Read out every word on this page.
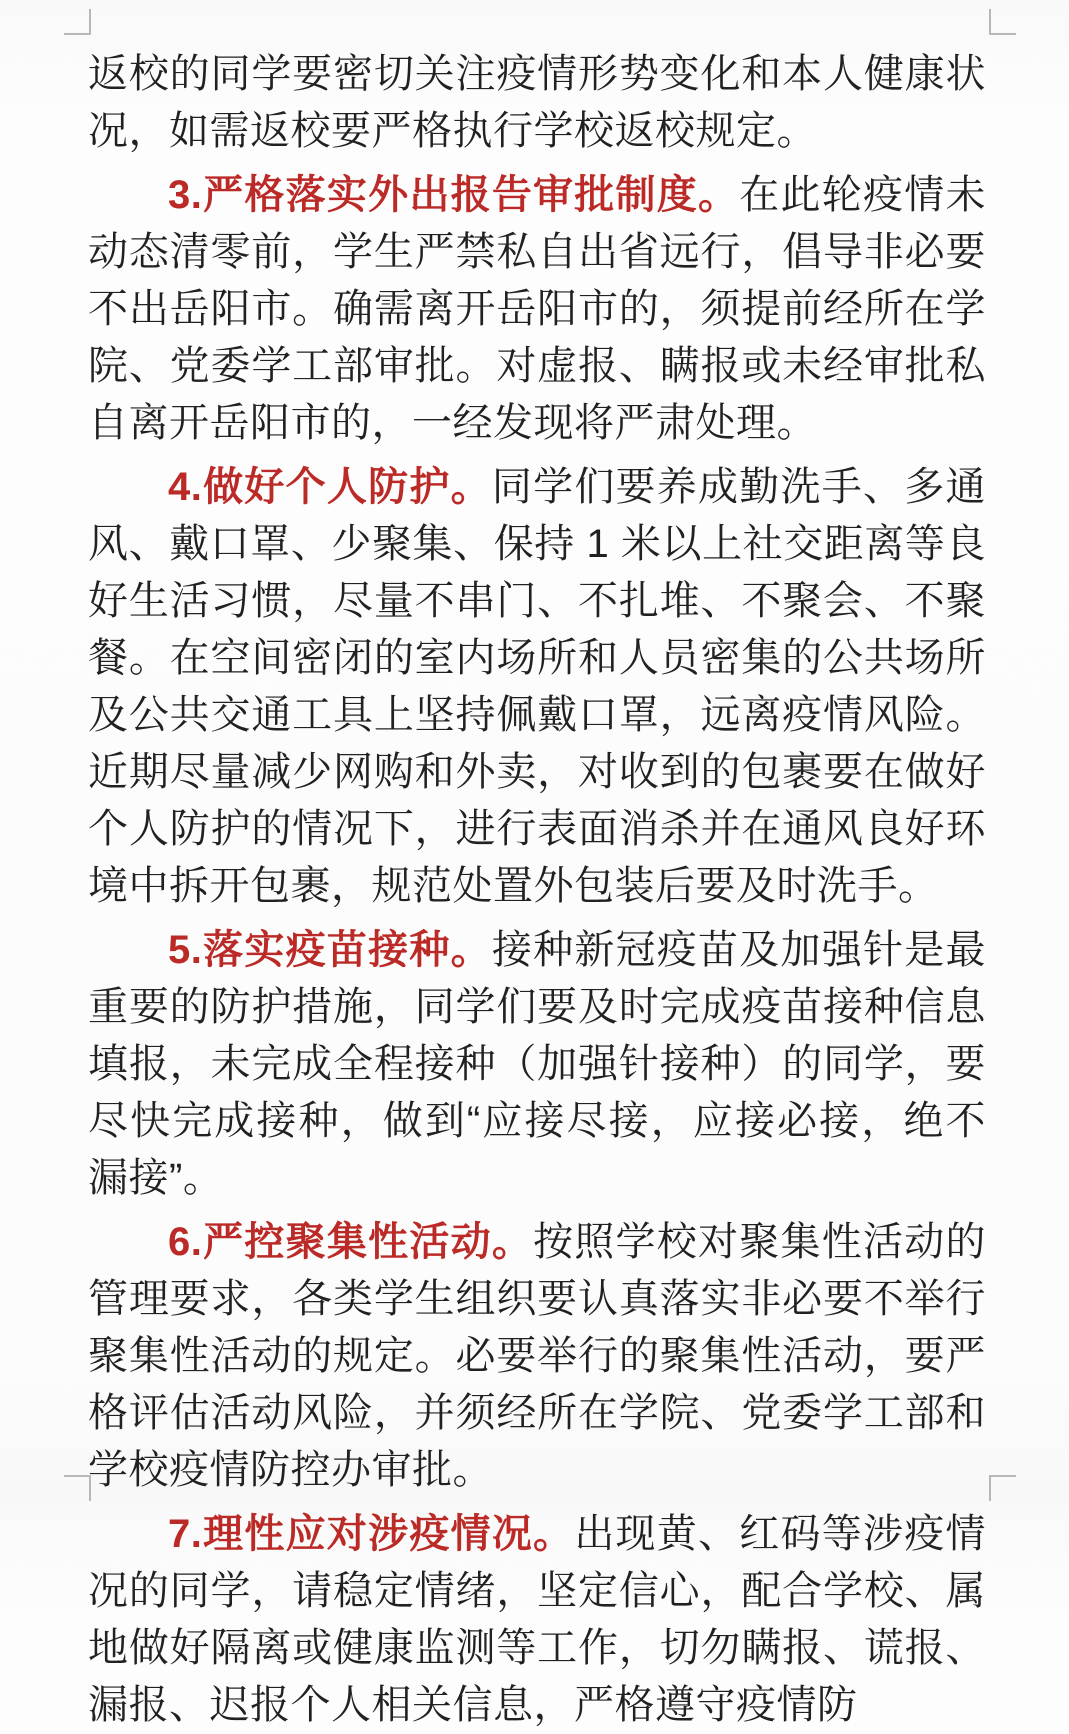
返校的同学要密切关注疫情形势变化和本人健康状况，如需返校要严格执行学校返校规定。

3.严格落实外出报告审批制度。在此轮疫情未动态清零前，学生严禁私自出省远行，倡导非必要不出岳阳市。确需离开岳阳市的，须提前经所在学院、党委学工部审批。对虚报、瞒报或未经审批私自离开岳阳市的，一经发现将严肃处理。

4.做好个人防护。同学们要养成勤洗手、多通风、戴口罩、少聚集、保持 1 米以上社交距离等良好生活习惯，尽量不串门、不扎堆、不聚会、不聚餐。在空间密闭的室内场所和人员密集的公共场所及公共交通工具上坚持佩戴口罩，远离疫情风险。近期尽量减少网购和外卖，对收到的包裹要在做好个人防护的情况下，进行表面消杀并在通风良好环境中拆开包裹，规范处置外包装后要及时洗手。

5.落实疫苗接种。接种新冠疫苗及加强针是最重要的防护措施，同学们要及时完成疫苗接种信息填报，未完成全程接种（加强针接种）的同学，要尽快完成接种，做到“应接尽接，应接必接，绝不漏接”。

6.严控聚集性活动。按照学校对聚集性活动的管理要求，各类学生组织要认真落实非必要不举行聚集性活动的规定。必要举行的聚集性活动，要严格评估活动风险，并须经所在学院、党委学工部和学校疫情防控办审批。

7.理性应对涉疫情况。出现黄、红码等涉疫情况的同学，请稳定情绪，坚定信心，配合学校、属地做好隔离或健康监测等工作，切勿瞒报、谎报、漏报、迟报个人相关信息，严格遵守疫情防
